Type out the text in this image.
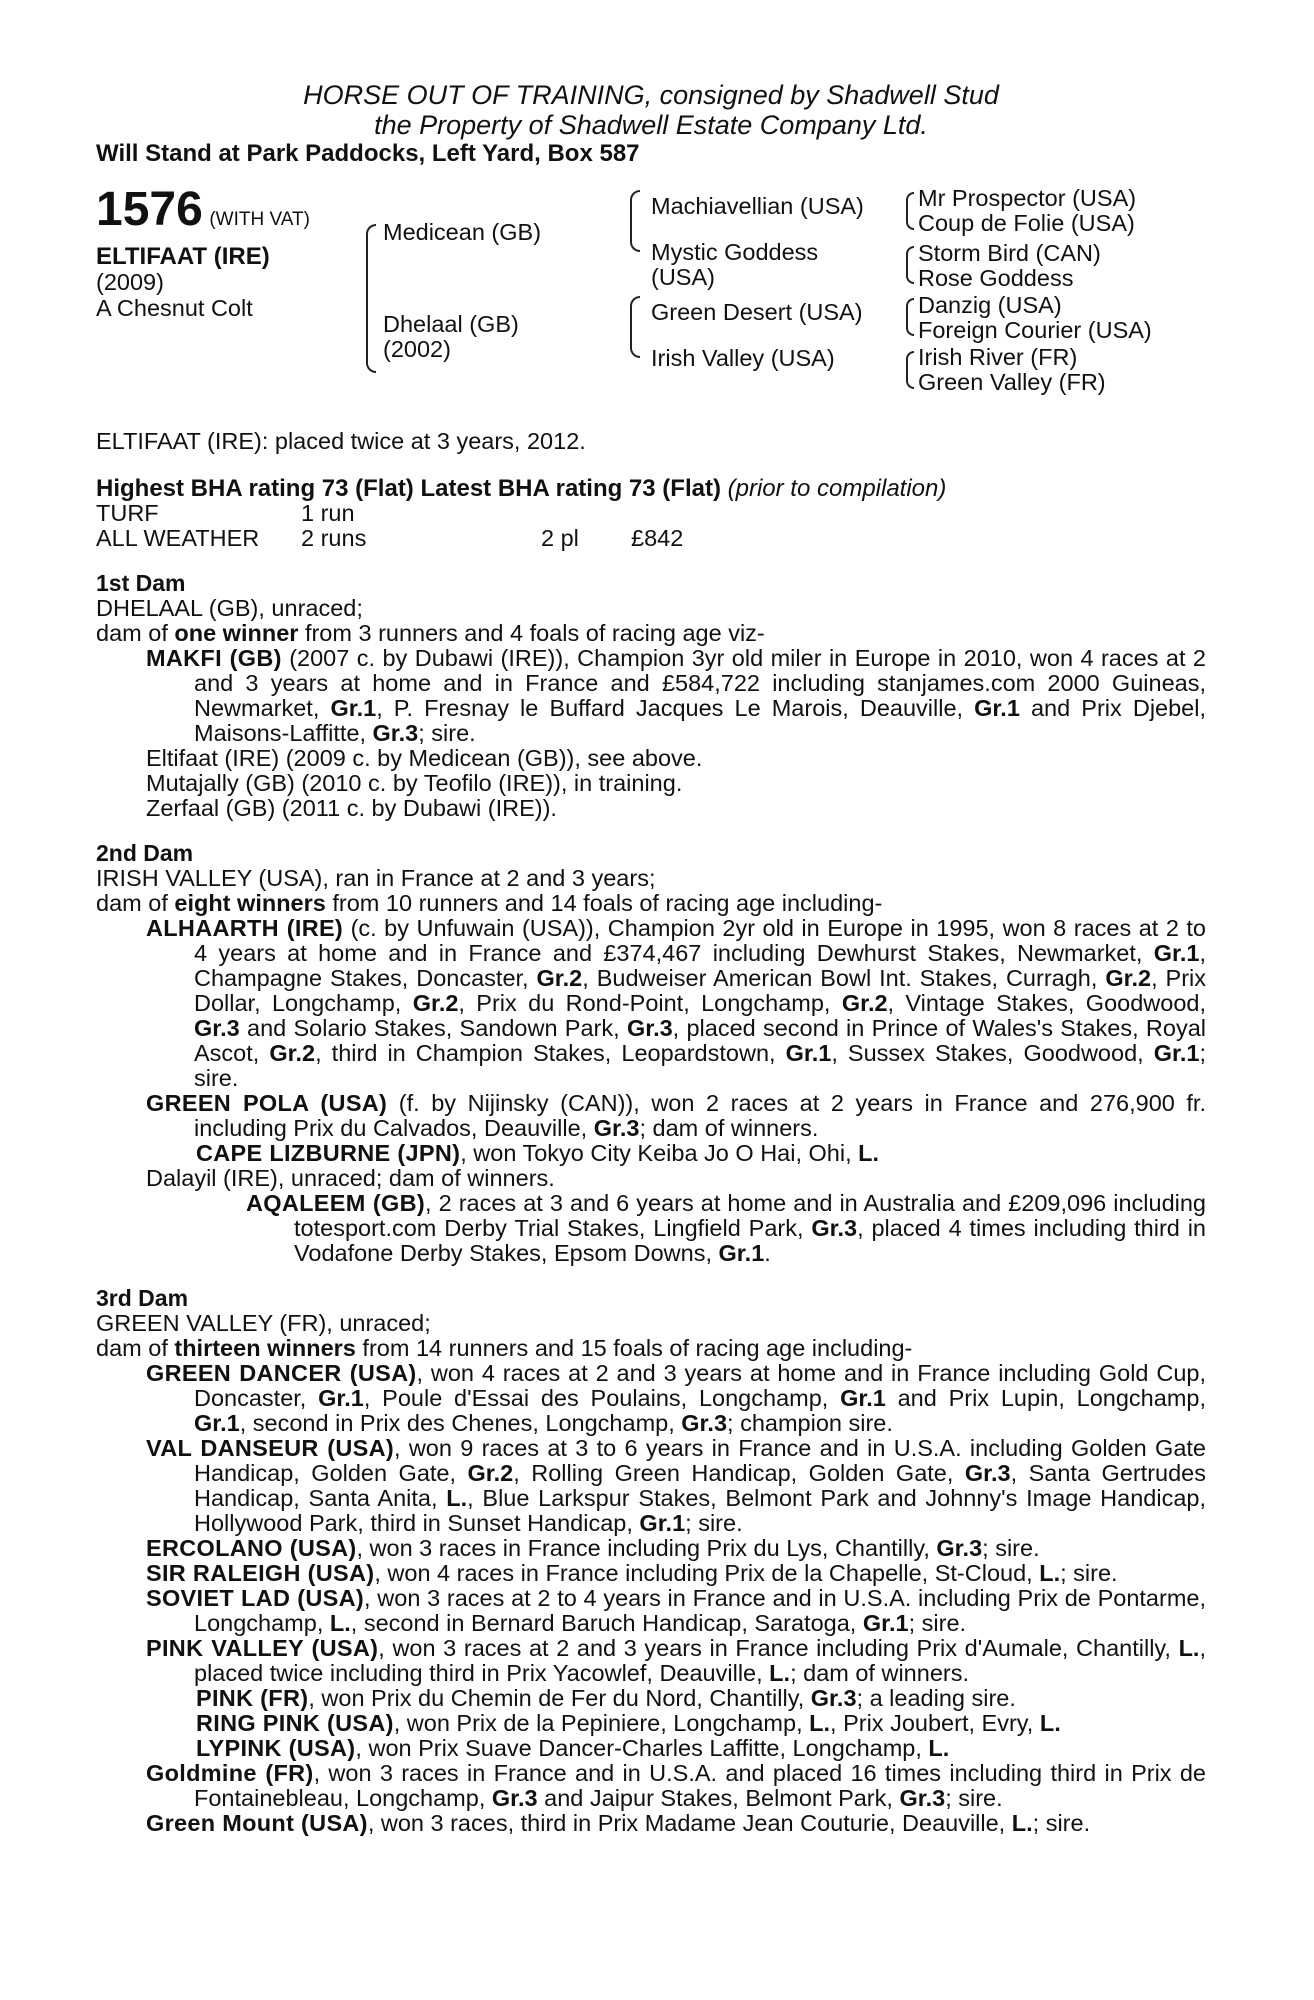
HORSE OUT OF TRAINING, consigned by Shadwell Stud
the Property of Shadwell Estate Company Ltd.
Will Stand at Park Paddocks, Left Yard, Box 587
1576 (WITH VAT)
ELTIFAAT (IRE)
(2009)
A Chesnut Colt
Medicean (GB)
Dhelaal (GB)
(2002)
Machiavellian (USA)
Mystic Goddess
(USA)
Green Desert (USA)
Irish Valley (USA)
Mr Prospector (USA)
Coup de Folie (USA)
Storm Bird (CAN)
Rose Goddess
Danzig (USA)
Foreign Courier (USA)
Irish River (FR)
Green Valley (FR)

ELTIFAAT (IRE): placed twice at 3 years, 2012.

Highest BHA rating 73 (Flat) Latest BHA rating 73 (Flat) (prior to compilation)

TURF	1 run
ALL WEATHER 2 runs	2 pl £842

1st Dam

DHELAAL (GB), unraced;

dam of one winner from 3 runners and 4 foals of racing age viz-

MAKFI (GB) (2007 c. by Dubawi (IRE)), Champion 3yr old miler in Europe in 2010, won 4 races at 2 and 3 years at home and in France and £584,722 including stanjames.com 2000 Guineas, Newmarket, Gr.1, P. Fresnay le Buffard Jacques Le Marois, Deauville, Gr.1 and Prix Djebel, Maisons-Laffitte, Gr.3; sire.

Eltifaat (IRE) (2009 c. by Medicean (GB)), see above.

Mutajally (GB) (2010 c. by Teofilo (IRE)), in training.

Zerfaal (GB) (2011 c. by Dubawi (IRE)).

2nd Dam

IRISH VALLEY (USA), ran in France at 2 and 3 years;

dam of eight winners from 10 runners and 14 foals of racing age including-

ALHAARTH (IRE) (c. by Unfuwain (USA)), Champion 2yr old in Europe in 1995, won 8 races at 2 to 4 years at home and in France and £374,467 including Dewhurst Stakes, Newmarket, Gr.1, Champagne Stakes, Doncaster, Gr.2, Budweiser American Bowl Int. Stakes, Curragh, Gr.2, Prix Dollar, Longchamp, Gr.2, Prix du Rond-Point, Longchamp, Gr.2, Vintage Stakes, Goodwood, Gr.3 and Solario Stakes, Sandown Park, Gr.3, placed second in Prince of Wales's Stakes, Royal Ascot, Gr.2, third in Champion Stakes, Leopardstown, Gr.1, Sussex Stakes, Goodwood, Gr.1; sire.

GREEN POLA (USA) (f. by Nijinsky (CAN)), won 2 races at 2 years in France and 276,900 fr. including Prix du Calvados, Deauville, Gr.3; dam of winners.

CAPE LIZBURNE (JPN), won Tokyo City Keiba Jo O Hai, Ohi, L.

Dalayil (IRE), unraced; dam of winners.

AQALEEM (GB), 2 races at 3 and 6 years at home and in Australia and £209,096 including totesport.com Derby Trial Stakes, Lingfield Park, Gr.3, placed 4 times including third in Vodafone Derby Stakes, Epsom Downs, Gr.1.

3rd Dam

GREEN VALLEY (FR), unraced;

dam of thirteen winners from 14 runners and 15 foals of racing age including-

GREEN DANCER (USA), won 4 races at 2 and 3 years at home and in France including Gold Cup, Doncaster, Gr.1, Poule d'Essai des Poulains, Longchamp, Gr.1 and Prix Lupin, Longchamp, Gr.1, second in Prix des Chenes, Longchamp, Gr.3; champion sire.

VAL DANSEUR (USA), won 9 races at 3 to 6 years in France and in U.S.A. including Golden Gate Handicap, Golden Gate, Gr.2, Rolling Green Handicap, Golden Gate, Gr.3, Santa Gertrudes Handicap, Santa Anita, L., Blue Larkspur Stakes, Belmont Park and Johnny's Image Handicap, Hollywood Park, third in Sunset Handicap, Gr.1; sire.

ERCOLANO (USA), won 3 races in France including Prix du Lys, Chantilly, Gr.3; sire.

SIR RALEIGH (USA), won 4 races in France including Prix de la Chapelle, St-Cloud, L.; sire.

SOVIET LAD (USA), won 3 races at 2 to 4 years in France and in U.S.A. including Prix de Pontarme, Longchamp, L., second in Bernard Baruch Handicap, Saratoga, Gr.1; sire.

PINK VALLEY (USA), won 3 races at 2 and 3 years in France including Prix d'Aumale, Chantilly, L., placed twice including third in Prix Yacowlef, Deauville, L.; dam of winners.

PINK (FR), won Prix du Chemin de Fer du Nord, Chantilly, Gr.3; a leading sire.

RING PINK (USA), won Prix de la Pepiniere, Longchamp, L., Prix Joubert, Evry, L.

LYPINK (USA), won Prix Suave Dancer-Charles Laffitte, Longchamp, L.

Goldmine (FR), won 3 races in France and in U.S.A. and placed 16 times including third in Prix de Fontainebleau, Longchamp, Gr.3 and Jaipur Stakes, Belmont Park, Gr.3; sire.

Green Mount (USA), won 3 races, third in Prix Madame Jean Couturie, Deauville, L.; sire.
